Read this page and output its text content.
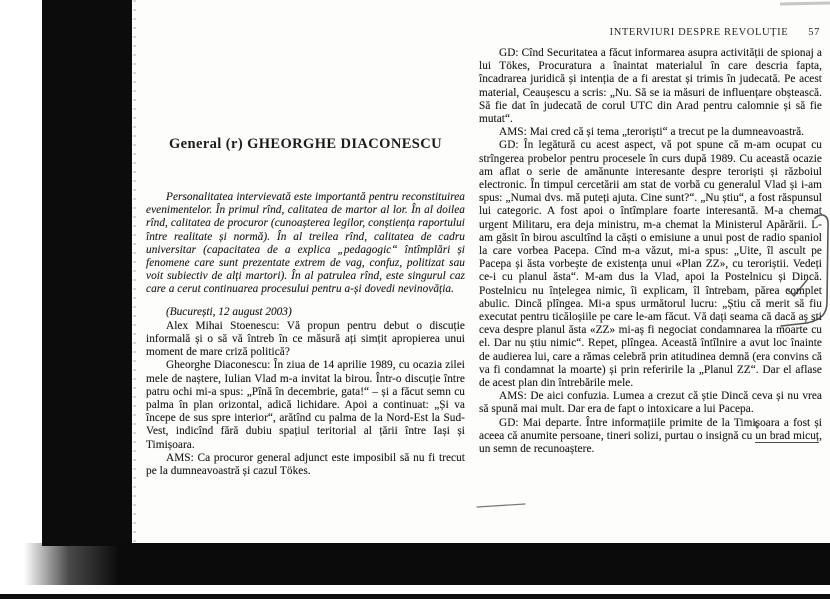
General (r) GHEORGHE DIACONESCU

Personalitatea intervievată este importantă pentru reconstituirea evenimentelor. În primul rînd, calitatea de martor al lor. În al doilea rînd, calitatea de procuror (cunoașterea legilor, conștiența raportului între realitate și normă). În al treilea rînd, calitatea de cadru universitar (capacitatea de a explica „pedagogic“ întîmplări și fenomene care sunt prezentate extrem de vag, confuz, politizat sau voit subiectiv de alți martori). În al patrulea rînd, este singurul caz care a cerut continuarea procesului pentru a-și dovedi nevinovăția.

(București, 12 august 2003)

Alex Mihai Stoenescu: Vă propun pentru debut o discuție informală și o să vă întreb în ce măsură ați simțit apropierea unui moment de mare criză politică?

Gheorghe Diaconescu: În ziua de 14 aprilie 1989, cu ocazia zilei mele de naștere, Iulian Vlad m-a invitat la birou. Într-o discuție între patru ochi mi-a spus: „Pînă în decembrie, gata!“ – și a făcut semn cu palma în plan orizontal, adică lichidare. Apoi a continuat: „Și va începe de sus spre interior“, arătînd cu palma de la Nord-Est la Sud-Vest, indicînd fără dubiu spațiul teritorial al țării între Iași și Timișoara.

AMS: Ca procuror general adjunct este imposibil să nu fi trecut pe la dumneavoastră și cazul Tökes.

INTERVIURI DESPRE REVOLUȚIE 57

GD: Cînd Securitatea a făcut informarea asupra activității de spionaj a lui Tökes, Procuratura a înaintat materialul în care descria fapta, încadrarea juridică și intenția de a fi arestat și trimis în judecată. Pe acest material, Ceaușescu a scris: „Nu. Să se ia măsuri de influențare obștească. Să fie dat în judecată de corul UTC din Arad pentru calomnie și să fie mutat“.

AMS: Mai cred că și tema „teroriști“ a trecut pe la dumneavoastră.

GD: În legătură cu acest aspect, vă pot spune că m-am ocupat cu strîngerea probelor pentru procesele în curs după 1989. Cu această ocazie am aflat o serie de amănunte interesante despre teroriști și războiul electronic. În timpul cercetării am stat de vorbă cu generalul Vlad și i-am spus: „Numai dvs. mă puteți ajuta. Cine sunt?“. „Nu știu“, a fost răspunsul lui categoric. A fost apoi o întîmplare foarte interesantă. M-a chemat urgent Militaru, era deja ministru, m-a chemat la Ministerul Apărării. L-am găsit în birou ascultînd la căști o emisiune a unui post de radio spaniol la care vorbea Pacepa. Cînd m-a văzut, mi-a spus: „Uite, îl ascult pe Pacepa și ăsta vorbește de existența unui «Plan ZZ», cu teroriștii. Vedeți ce-i cu planul ăsta“. M-am dus la Vlad, apoi la Postelnicu și Dincă. Postelnicu nu înțelegea nimic, îi explicam, îl întrebam, părea complet abulic. Dincă plîngea. Mi-a spus următorul lucru: „Știu că merit să fiu executat pentru ticăloșiile pe care le-am făcut. Vă dați seama că dacă aș ști ceva despre planul ăsta «ZZ» mi-aș fi negociat condamnarea la moarte cu el. Dar nu știu nimic“. Repet, plîngea. Această întîlnire a avut loc înainte de audierea lui, care a rămas celebră prin atitudinea demnă (era convins că va fi condamnat la moarte) și prin referirile la „Planul ZZ“. Dar el aflase de acest plan din întrebările mele.

AMS: De aici confuzia. Lumea a crezut că știe Dincă ceva și nu vrea să spună mai mult. Dar era de fapt o intoxicare a lui Pacepa.

GD: Mai departe. Între informațiile primite de la Timișoara a fost și aceea că anumite persoane, tineri solizi, purtau o insignă cu un brad micuț, un semn de recunoaștere.
